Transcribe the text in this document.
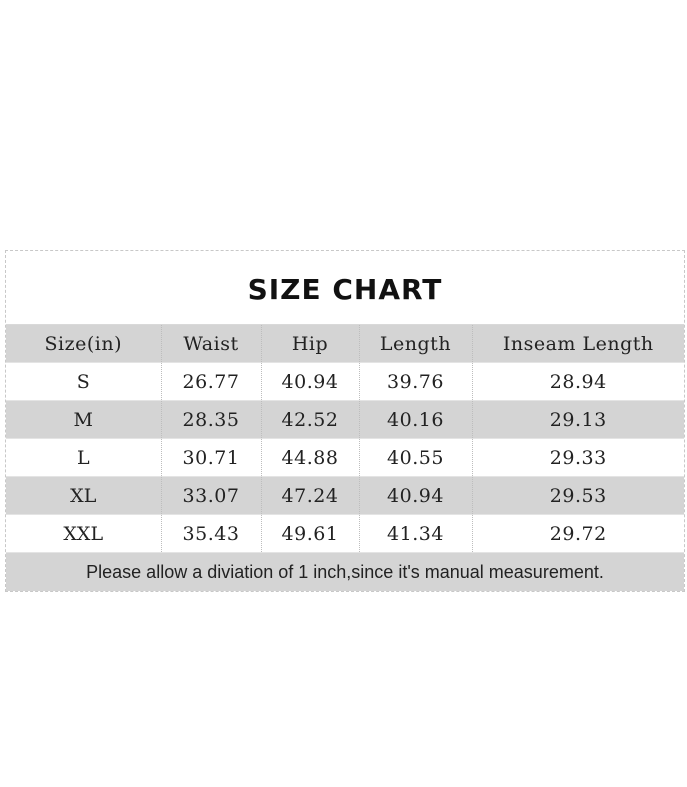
SIZE CHART
Size(in)	Waist	Hip	Length	Inseam Length
S	26.77	40.94	39.76	28.94
M	28.35	42.52	40.16	29.13
L	30.71	44.88	40.55	29.33
XL	33.07	47.24	40.94	29.53
XXL	35.43	49.61	41.34	29.72
Please allow a diviation of 1 inch,since it's manual measurement.				
